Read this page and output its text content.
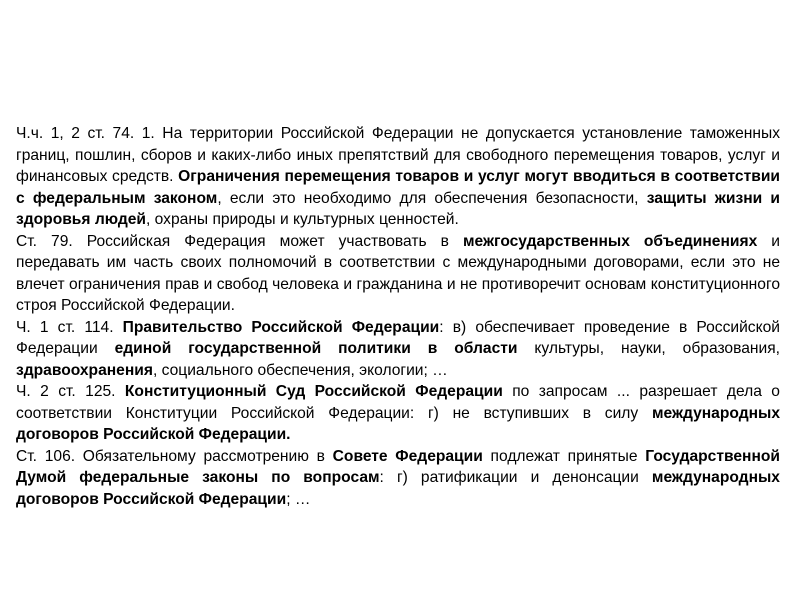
Ч.ч. 1, 2 ст. 74. 1. На территории Российской Федерации не допускается установление таможенных границ, пошлин, сборов и каких-либо иных препятствий для свободного перемещения товаров, услуг и финансовых средств. Ограничения перемещения товаров и услуг могут вводиться в соответствии с федеральным законом, если это необходимо для обеспечения безопасности, защиты жизни и здоровья людей, охраны природы и культурных ценностей.

Ст. 79. Российская Федерация может участвовать в межгосударственных объединениях и передавать им часть своих полномочий в соответствии с международными договорами, если это не влечет ограничения прав и свобод человека и гражданина и не противоречит основам конституционного строя Российской Федерации.

Ч. 1 ст. 114. Правительство Российской Федерации: в) обеспечивает проведение в Российской Федерации единой государственной политики в области культуры, науки, образования, здравоохранения, социального обеспечения, экологии; …

Ч. 2 ст. 125. Конституционный Суд Российской Федерации по запросам ... разрешает дела о соответствии Конституции Российской Федерации: г) не вступивших в силу международных договоров Российской Федерации.

Ст. 106. Обязательному рассмотрению в Совете Федерации подлежат принятые Государственной Думой федеральные законы по вопросам: г) ратификации и денонсации международных договоров Российской Федерации; …
